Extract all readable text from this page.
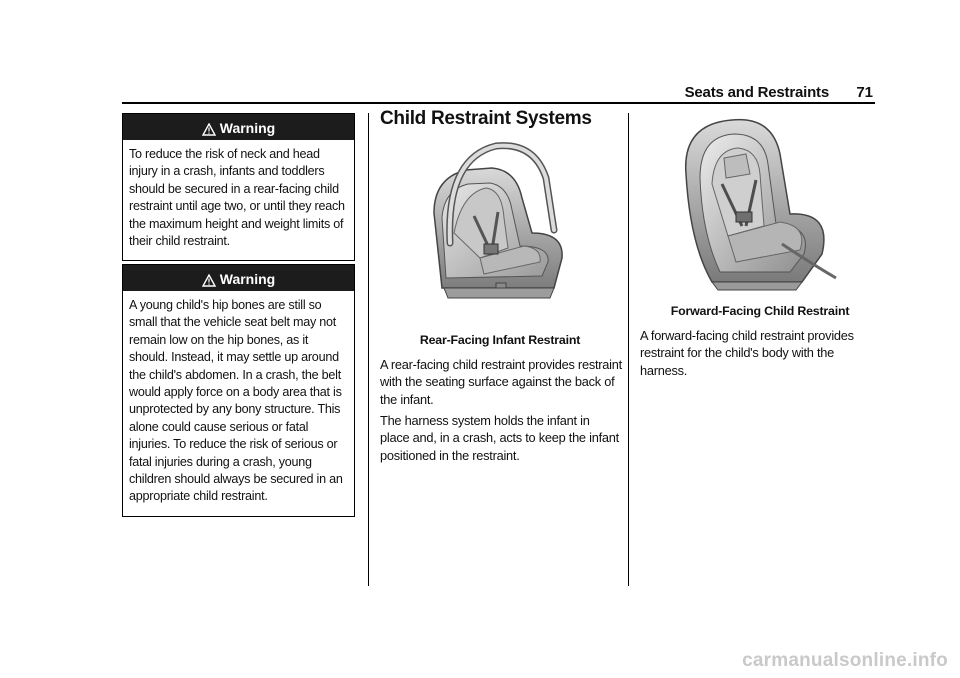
Seats and Restraints 71
Warning
To reduce the risk of neck and head injury in a crash, infants and toddlers should be secured in a rear-facing child restraint until age two, or until they reach the maximum height and weight limits of their child restraint.
Warning
A young child's hip bones are still so small that the vehicle seat belt may not remain low on the hip bones, as it should. Instead, it may settle up around the child's abdomen. In a crash, the belt would apply force on a body area that is unprotected by any bony structure. This alone could cause serious or fatal injuries. To reduce the risk of serious or fatal injuries during a crash, young children should always be secured in an appropriate child restraint.
Child Restraint Systems
Rear-Facing Infant Restraint
A rear-facing child restraint provides restraint with the seating surface against the back of the infant.
The harness system holds the infant in place and, in a crash, acts to keep the infant positioned in the restraint.
Forward-Facing Child Restraint
A forward-facing child restraint provides restraint for the child's body with the harness.
carmanualsonline.info
